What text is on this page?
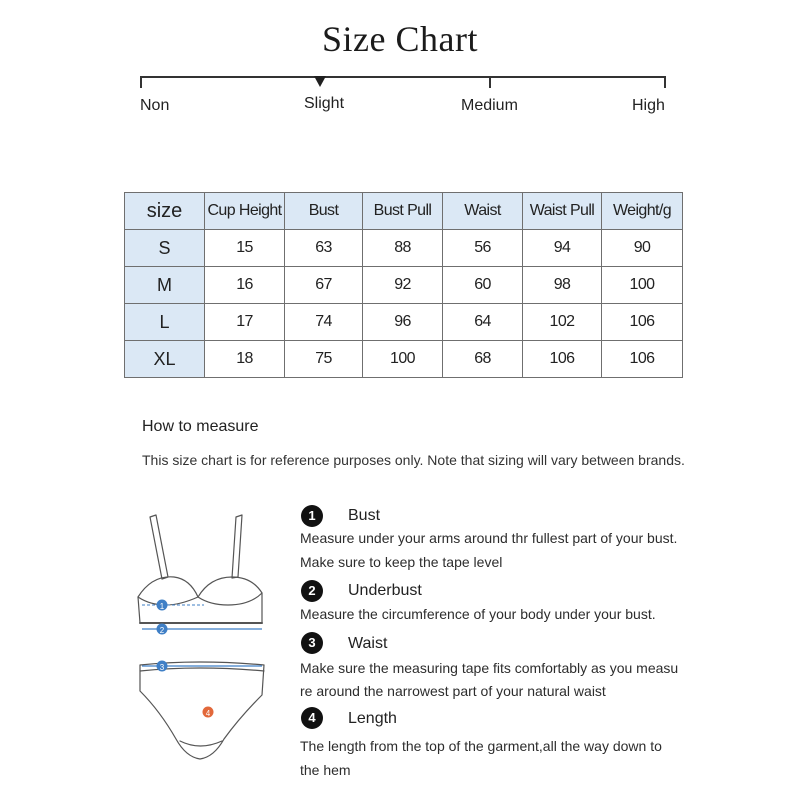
Size Chart
Non	Slight	Medium	High
size	Cup Height	Bust	Bust Pull	Waist	Waist Pull	Weight/g
S	15	63	88	56	94	90
M	16	67	92	60	98	100
L	17	74	96	64	102	106
XL	18	75	100	68	106	106
How to measure
This size chart is for reference purposes only. Note that sizing will vary between brands.
1
2
3
4
1	Bust
Measure under your arms around thr fullest part of your bust.
Make sure to keep the tape level
2	Underbust
Measure the circumference of your body under your bust.
3	Waist
Make sure the measuring tape fits comfortably as you measu
re around the narrowest part of your natural waist
4	Length
The length from the top of the garment,all the way down to
the hem
